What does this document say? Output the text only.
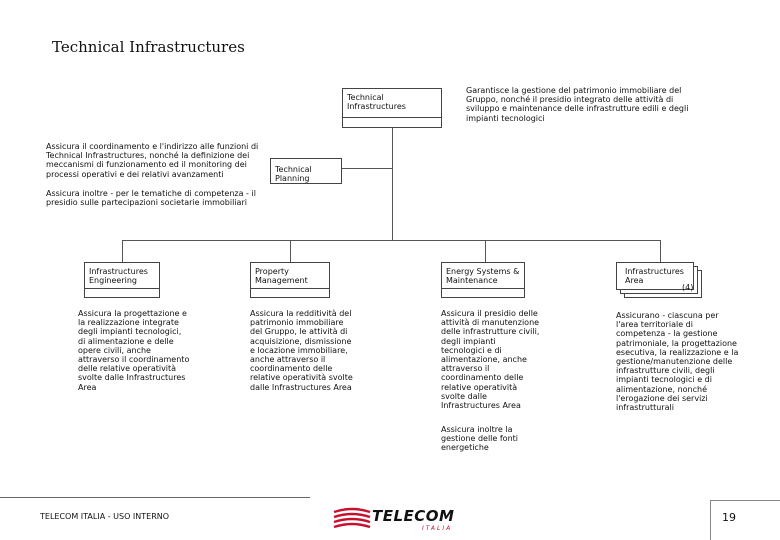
Technical Infrastructures
Technical Infrastructures
Garantisce la gestione del patrimonio immobiliare del Gruppo, nonché il presidio integrato delle attività di sviluppo e maintenance delle infrastrutture edili e degli impianti tecnologici
Assicura il coordinamento e l'indirizzo alle funzioni di Technical Infrastructures, nonché la definizione dei meccanismi di funzionamento ed il monitoring dei processi operativi e dei relativi avanzamenti
Assicura inoltre - per le tematiche di competenza - il presidio sulle partecipazioni societarie immobiliari
Technical Planning
Infrastructures Engineering
Assicura la progettazione e la realizzazione integrate degli impianti tecnologici, di alimentazione e delle opere civili, anche attraverso il coordinamento delle relative operatività svolte dalle Infrastructures Area
Property Management
Assicura la redditività del patrimonio immobiliare del Gruppo, le attività di acquisizione, dismissione e locazione immobiliare, anche attraverso il coordinamento delle relative operatività svolte dalle Infrastructures Area
Energy Systems & Maintenance
Assicura il presidio delle attività di manutenzione delle infrastrutture civili, degli impianti tecnologici e di alimentazione, anche attraverso il coordinamento delle relative operatività svolte dalle Infrastructures Area
Assicura inoltre la gestione delle fonti energetiche
Infrastructures Area
(4)
Assicurano - ciascuna per l'area territoriale di competenza - la gestione patrimoniale, la progettazione esecutiva, la realizzazione e la gestione/manutenzione delle infrastrutture civili, degli impianti tecnologici e di alimentazione, nonché l'erogazione dei servizi infrastrutturali
TELECOM ITALIA - USO INTERNO	TELECOM
ITALIA
19
